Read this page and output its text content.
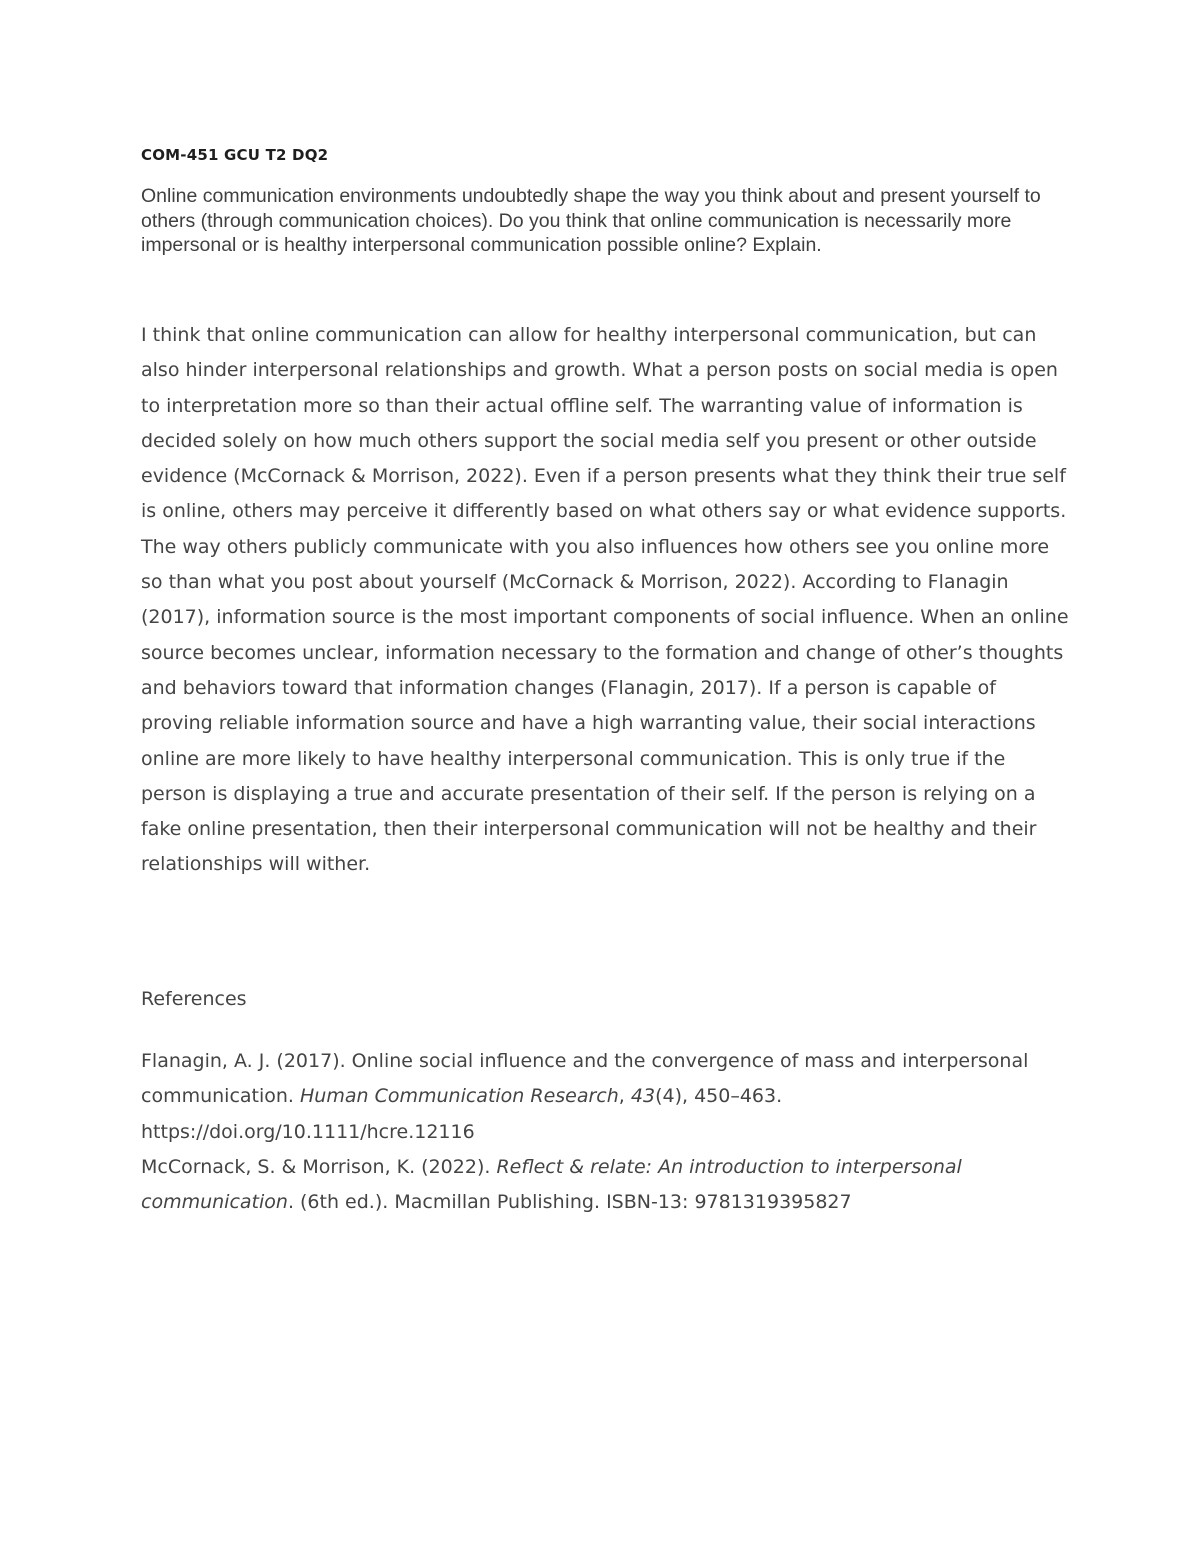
COM-451 GCU T2 DQ2

Online communication environments undoubtedly shape the way you think about and present yourself to others (through communication choices). Do you think that online communication is necessarily more impersonal or is healthy interpersonal communication possible online? Explain.

I think that online communication can allow for healthy interpersonal communication, but can also hinder interpersonal relationships and growth. What a person posts on social media is open to interpretation more so than their actual offline self. The warranting value of information is decided solely on how much others support the social media self you present or other outside evidence (McCornack & Morrison, 2022). Even if a person presents what they think their true self is online, others may perceive it differently based on what others say or what evidence supports. The way others publicly communicate with you also influences how others see you online more so than what you post about yourself (McCornack & Morrison, 2022). According to Flanagin (2017), information source is the most important components of social influence. When an online source becomes unclear, information necessary to the formation and change of other’s thoughts and behaviors toward that information changes (Flanagin, 2017). If a person is capable of proving reliable information source and have a high warranting value, their social interactions online are more likely to have healthy interpersonal communication. This is only true if the person is displaying a true and accurate presentation of their self. If the person is relying on a fake online presentation, then their interpersonal communication will not be healthy and their relationships will wither.

References

Flanagin, A. J. (2017). Online social influence and the convergence of mass and interpersonal communication. Human Communication Research, 43(4), 450–463. https://doi.org/10.1111/hcre.12116

McCornack, S. & Morrison, K. (2022). Reflect & relate: An introduction to interpersonal communication. (6th ed.). Macmillan Publishing. ISBN-13: 9781319395827
